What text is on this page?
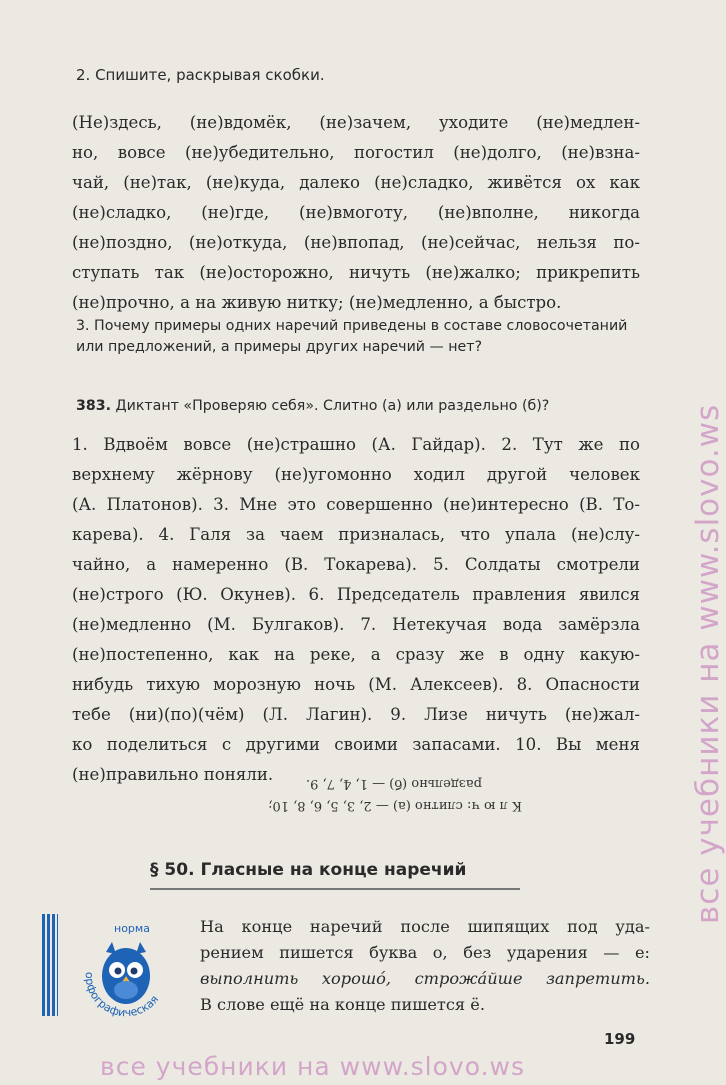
2. Спишите, раскрывая скобки.
(Не)здесь, (не)вдомёк, (не)зачем, уходите (не)медлен-
но, вовсе (не)убедительно, погостил (не)долго, (не)взна-
чай, (не)так, (не)куда, далеко (не)сладко, живётся ох как
(не)сладко, (не)где, (не)вмоготу, (не)вполне, никогда
(не)поздно, (не)откуда, (не)впопад, (не)сейчас, нельзя по-
ступать так (не)осторожно, ничуть (не)жалко; прикрепить
(не)прочно, а на живую нитку; (не)медленно, а быстро.
3. Почему примеры одних наречий приведены в составе словосочетаний или предложений, а примеры других наречий — нет?
383. Диктант «Проверяю себя». Слитно (а) или раздельно (б)?
1. Вдвоём вовсе (не)страшно (А. Гайдар). 2. Тут же по
верхнему жёрнову (не)угомонно ходил другой человек
(А. Платонов). 3. Мне это совершенно (не)интересно (В. То-
карева). 4. Галя за чаем призналась, что упала (не)слу-
чайно, а намеренно (В. Токарева). 5. Солдаты смотрели
(не)строго (Ю. Окунев). 6. Председатель правления явился
(не)медленно (М. Булгаков). 7. Нетекучая вода замёрзла
(не)постепенно, как на реке, а сразу же в одну какую-
нибудь тихую морозную ночь (М. Алексеев). 8. Опасности
тебе (ни)(по)(чём) (Л. Лагин). 9. Лизе ничуть (не)жал-
ко поделиться с другими своими запасами. 10. Вы меня
(не)правильно поняли.
К л ю ч: слитно (а) — 2, 3, 5, 6, 8, 10;
раздельно (б) — 1, 4, 7, 9.
§ 50. Гласные на конце наречий
норма
орфографическая
На конце наречий после шипящих под уда-
рением пишется буква о, без ударения — е:
выполнить хорошо́, строжа́йше запретить.
В слове ещё на конце пишется ё.
199
все учебники на www.slovo.ws
все учебники на www.slovo.ws
